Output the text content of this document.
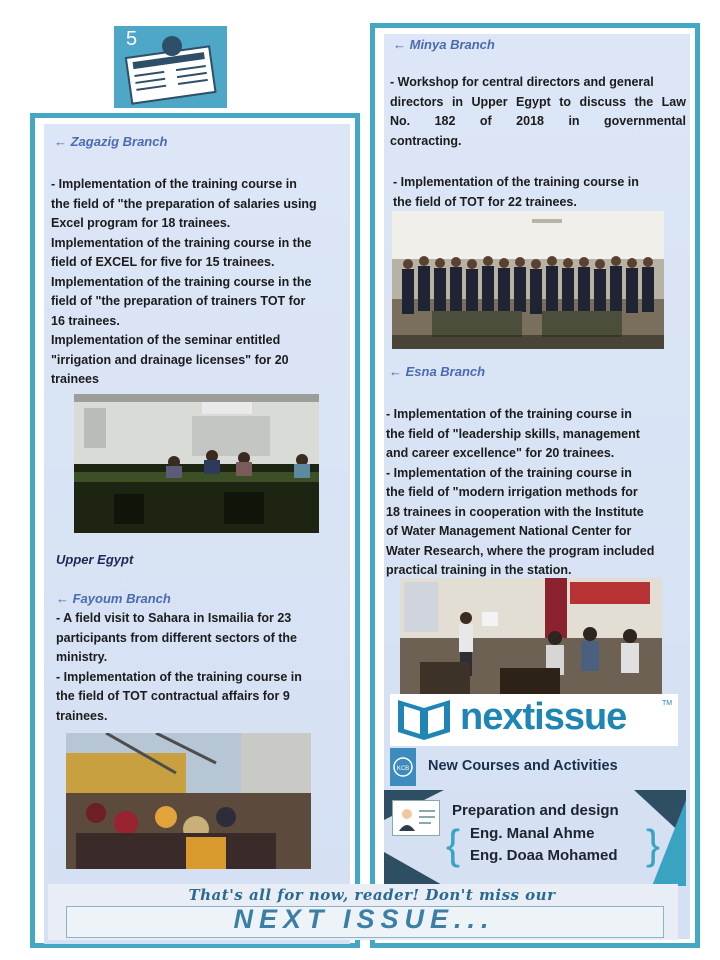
5
← Zagazig Branch
- Implementation of the training course in
the field of "the preparation of salaries using
Excel program for 18 trainees.
Implementation of the training course in the
field of EXCEL for five for 15 trainees.
Implementation of the training course in the
field of "the preparation of trainers TOT for
16 trainees.
Implementation of the seminar entitled
"irrigation and drainage licenses" for 20
trainees
Upper Egypt
← Fayoum Branch
- A field visit to Sahara in Ismailia for 23
participants from different sectors of the
ministry.
- Implementation of the training course in
the field of TOT contractual affairs for 9
trainees.
← Minya Branch
- Workshop for central directors and general
directors in Upper Egypt to discuss the Law
No. 182 of 2018 in governmental
contracting.
- Implementation of the training course in
the field of TOT for 22 trainees.
← Esna Branch
- Implementation of the training course in
the field of "leadership skills, management
and career excellence" for 20 trainees.
- Implementation of the training course in
the field of "modern irrigation methods for
18 trainees in cooperation with the Institute
of Water Management National Center for
Water Research, where the program included
practical training in the station.
nextissue	TM
KCB New Courses and Activities
Preparation and design
{ Eng. Manal Ahme
Eng. Doaa Mohamed }
That's all for now, reader! Don't miss our
NEXT ISSUE...
